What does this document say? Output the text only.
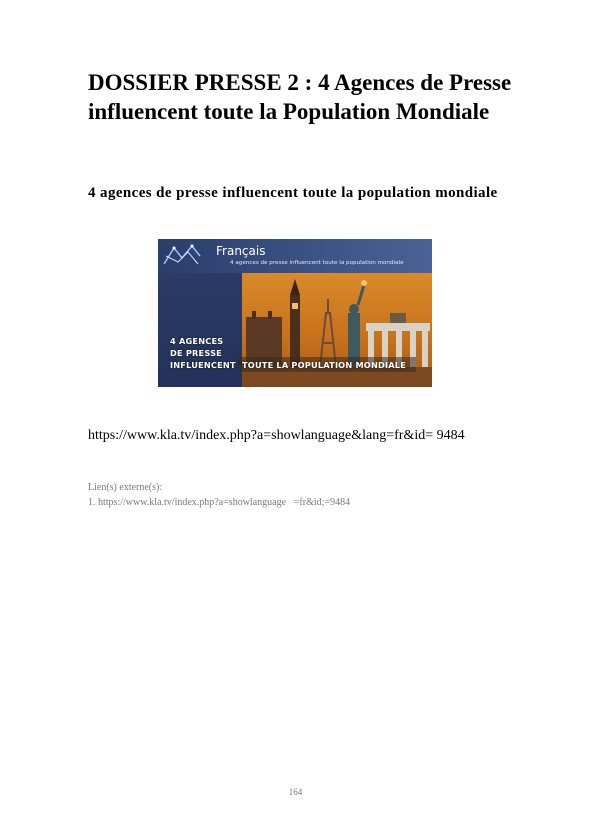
DOSSIER PRESSE 2 : 4 Agences de Presse influencent toute la Population Mondiale

4 agences de presse influencent toute la population mondiale

Français
4 agences de presse influencent toute la population mondiale
4 AGENCES
DE PRESSE
INFLUENCENT TOUTE LA POPULATION MONDIALE
https://www.kla.tv/index.php?a=showlanguage&lang=fr&id= 9484
Lien(s) externe(s):
1. https://www.kla.tv/index.php?a=showlanguage =fr&id;=9484
164
